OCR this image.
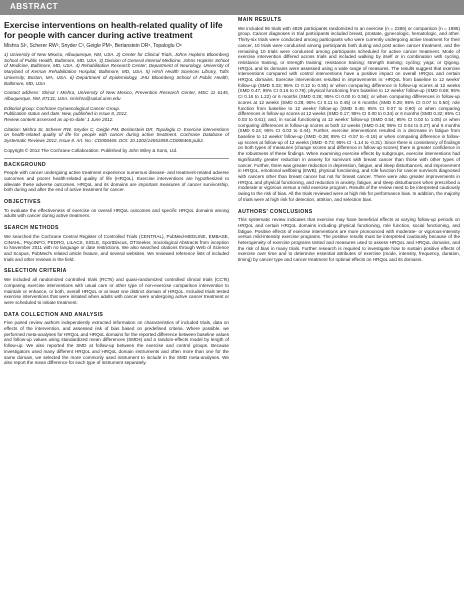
ABSTRACT
Exercise interventions on health-related quality of life for people with cancer during active treatment
Mishra SI¹, Scherer RW², Snyder C³, Geigle PM⁴, Berlanstein DR⁵, Topaloglu O⁶

1) University of New Mexico, Albuquerque, NM, USA. 2) Center for Clinical Trials, Johns Hopkins Bloomberg School of Public Health, Baltimore, MD, USA. 3) Division of General Internal Medicine, Johns Hopkins School of Medicine, Baltimore, MD, USA. 4) Rehabilitation Research Center; Department of Neurology, University of Maryland of Kernan Rehabilitation Hospital, Baltimore, MD, USA. 5) Hirsh Health Sciences Library, Tufts University, Boston, MA, USA. 6) Department of Epidemiology, JHU Bloomberg School of Public Health, Baltimore, MD, USA

Contact address: Shiraz I Mishra, University of New Mexico, Prevention Research Center, MSC 11 6145, Albuquerque, NM, 87131, USA. smishra@salud.unm.edu

Editorial group: Cochrane Gynaecological Cancer Group.
Publication status and date: New, published in Issue 8, 2012.
Review content assessed as up-to-date: 1 June 2012.

Citation: Mishra SI, Scherer RW, Snyder C, Geigle PM, Berlanstein DR, Topaloglu O. Exercise interventions on health-related quality of life for people with cancer during active treatment. Cochrane Database of Systematic Reviews 2012, Issue 8. Art. No.: CD008465. DOI: 10.1002/14651858.CD008465.pub2.

Copyright © 2012 The Cochrane Collaboration. Published by John Wiley & Sons, Ltd.

BACKGROUND

People with cancer undergoing active treatment experience numerous disease- and treatment-related adverse outcomes and poorer health-related quality of life (HRQoL). Exercise interventions are hypothesized to alleviate these adverse outcomes. HRQoL and its domains are important measures of cancer survivorship, both during and after the end of active treatment for cancer.

OBJECTIVES

To evaluate the effectiveness of exercise on overall HRQoL outcomes and specific HRQoL domains among adults with cancer during active treatment.

SEARCH METHODS

We searched the Cochrane Central Register of Controlled Trials (CENTRAL), PubMed-MEDLINE, EMBASE, CINAHL, PsycINFO, PEDRO, LILACS, SIGLE, SportDiscus, OTSeeker, Sociological Abstracts from inception to November 2011 with no language or date restrictions. We also searched citations through Web of Science and Scopus, PubMed's related article feature, and several websites. We reviewed reference lists of included trials and other reviews in the field.

SELECTION CRITERIA

We included all randomized controlled trials (RCTs) and quasi-randomized controlled clinical trials (CCTs) comparing exercise interventions with usual care or other type of non-exercise comparison intervention to maintain or enhance, or both, overall HRQoL or at least one distinct domain of HRQoL. Included trials tested exercise interventions that were initiated when adults with cancer were undergoing active cancer treatment or were scheduled to initiate treatment.

DATA COLLECTION AND ANALYSIS

Five paired review authors independently extracted information on characteristics of included trials, data on effects of the intervention, and assessed risk of bias based on predefined criteria. Where possible, we performed meta-analyses for HRQoL and HRQoL domains for the reported difference between baseline values and follow-up values using standardized mean differences (SMDs) and a random-effects model by length of follow-up. We also reported the SMD at follow-up between the exercise and control groups. Because investigators used many different HRQoL and HRQoL domain instruments and often more than one for the same domain, we selected the more commonly used instrument to include in the SMD meta-analyses. We also report the mean difference for each type of instrument separately.

MAIN RESULTS

We included 56 trials with 4826 participants randomized to an exercise (n = 2286) or comparison (n = 1985) group. Cancer diagnoses in trial participants included breast, prostate, gynecologic, hematologic, and other. Thirty-six trials were conducted among participants who were currently undergoing active treatment for their cancer, 10 trials were conducted among participants both during and post active cancer treatment, and the remaining 10 trials were conducted among participants scheduled for active cancer treatment. Mode of exercise intervention differed across trials and included walking by itself or in combination with cycling, resistance training, or strength training; resistance training; strength training; cycling; yoga; or Qigong. HRQoL and its domains were assessed using a wide range of measures. The results suggest that exercise interventions compared with control interventions have a positive impact on overall HRQoL and certain HRQoL domains. Exercise interventions resulted in improvements in: HRQoL from baseline to 12 weeks' follow-up (SMD 0.33; 95% CI 0.12 to 0.55) or when comparing difference in follow-up scores at 12 weeks (SMD 0.47; 95% CI 0.16 to 0.79); physical functioning from baseline to 12 weeks' follow-up (SMD 0.69; 95% CI 0.16 to 1.22) or 6 months (SMD 0.28; 95% CI 0.00 to 0.56); or when comparing differences in follow-up scores at 12 weeks (SMD 0.28; 95% CI 0.11 to 0.45) or 6 months (SMD 0.29; 95% CI 0.07 to 0.50); role function from baseline to 12 weeks' follow-up (SMD 0.48; 95% CI 0.07 to 0.90) or when comparing differences in follow-up scores at 12 weeks (SMD 0.17; 95% CI 0.00 to 0.34) or 6 months (SMD 0.32; 95% CI 0.03 to 0.61); and, in social functioning at 12 weeks' follow-up (SMD 0.54; 95% CI 0.03 to 1.05) or when comparing differences in follow-up scores at both 12 weeks (SMD 0.16; 95% CI 0.04 to 0.27) and 6 months (SMD 0.24; 95% CI 0.03 to 0.44). Further, exercise interventions resulted in a decrease in fatigue from baseline to 12 weeks' follow-up (SMD -0.38; 95% CI -0.57 to -0.18) or when comparing difference in follow-up scores at follow-up of 12 weeks (SMD -0.73; 95% CI -1.14 to -0.31). Since there is consistency of findings on both types of measures (change scores and difference in follow-up scores) there is greater confidence in the robustness of these findings. When examining exercise effects by subgroups, exercise interventions had significantly greater reduction in anxiety for survivors with breast cancer than those with other types of cancer. Further, there was greater reduction in depression, fatigue, and sleep disturbances, and improvement in HRQoL, emotional wellbeing (EWB), physical functioning, and role function for cancer survivors diagnosed with cancers other than breast cancer but not for breast cancer. There were also greater improvements in HRQoL and physical functioning, and reduction in anxiety, fatigue, and sleep disturbances when prescribed a moderate or vigorous versus a mild exercise program. Results of the review need to be interpreted cautiously owing to the risk of bias. All the trials reviewed were at high risk for performance bias. In addition, the majority of trials were at high risk for detection, attrition, and selection bias.

AUTHORS' CONCLUSIONS

This systematic review indicates that exercise may have beneficial effects at varying follow-up periods on HRQoL and certain HRQoL domains including physical functioning, role function, social functioning, and fatigue. Positive effects of exercise interventions are more pronounced with moderate- or vigorous-intensity versus mild-intensity exercise programs. The positive results must be interpreted cautiously because of the heterogeneity of exercise programs tested and measures used to assess HRQoL and HRQoL domains, and the risk of bias in many trials. Further research is required to investigate how to sustain positive effects of exercise over time and to determine essential attributes of exercise (mode, intensity, frequency, duration, timing) by cancer type and cancer treatment for optimal effects on HRQoL and its domains.
